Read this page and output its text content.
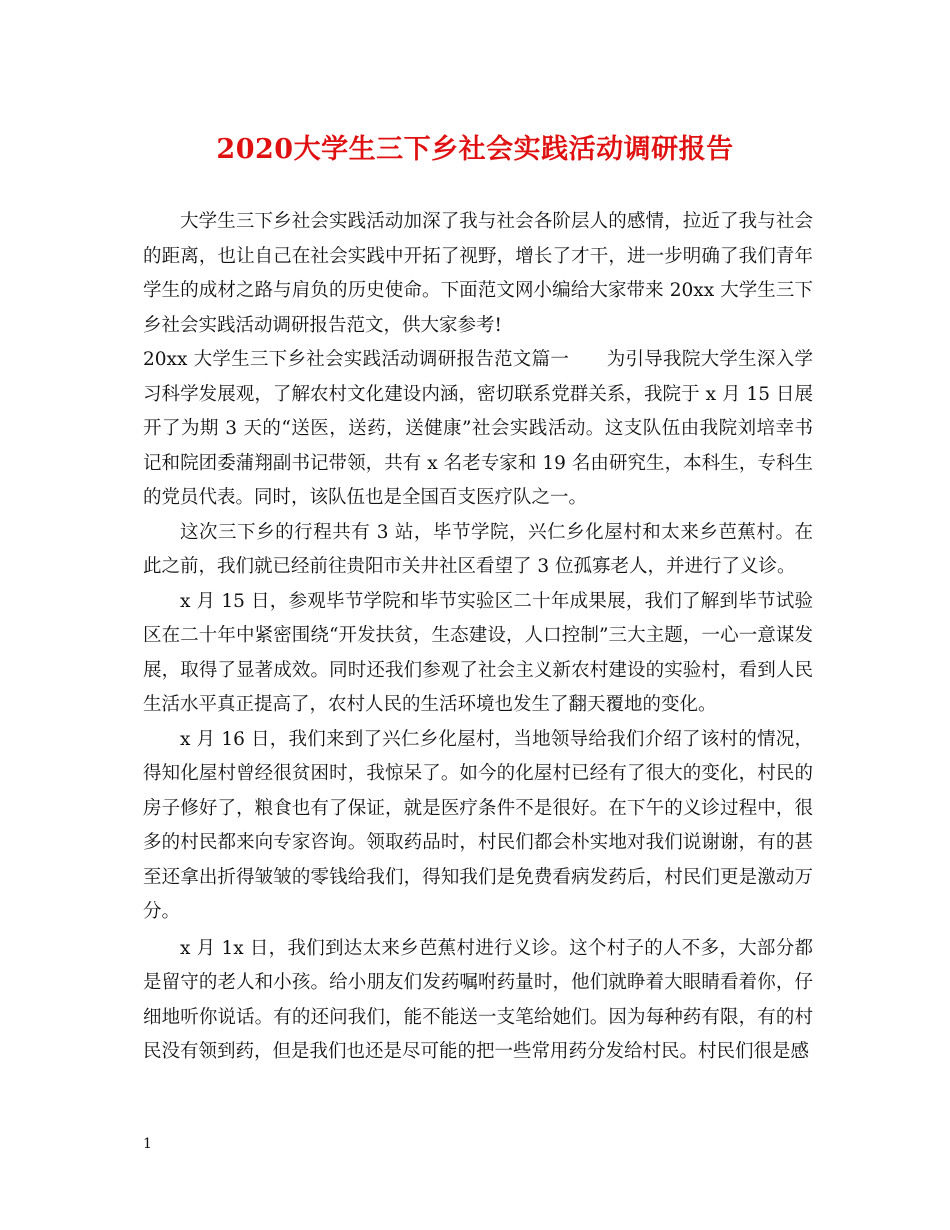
2020大学生三下乡社会实践活动调研报告

大学生三下乡社会实践活动加深了我与社会各阶层人的感情，拉近了我与社会的距离，也让自己在社会实践中开拓了视野，增长了才干，进一步明确了我们青年学生的成材之路与肩负的历史使命。下面范文网小编给大家带来 20xx 大学生三下乡社会实践活动调研报告范文，供大家参考!

20xx 大学生三下乡社会实践活动调研报告范文篇一　　为引导我院大学生深入学习科学发展观，了解农村文化建设内涵，密切联系党群关系，我院于 x 月 15 日展开了为期 3 天的“送医，送药，送健康”社会实践活动。这支队伍由我院刘培幸书记和院团委蒲翔副书记带领，共有 x 名老专家和 19 名由研究生，本科生，专科生的党员代表。同时，该队伍也是全国百支医疗队之一。

这次三下乡的行程共有 3 站，毕节学院，兴仁乡化屋村和太来乡芭蕉村。在此之前，我们就已经前往贵阳市关井社区看望了 3 位孤寡老人，并进行了义诊。

x 月 15 日，参观毕节学院和毕节实验区二十年成果展，我们了解到毕节试验区在二十年中紧密围绕“开发扶贫，生态建设，人口控制”三大主题，一心一意谋发展，取得了显著成效。同时还我们参观了社会主义新农村建设的实验村，看到人民生活水平真正提高了，农村人民的生活环境也发生了翻天覆地的变化。

x 月 16 日，我们来到了兴仁乡化屋村，当地领导给我们介绍了该村的情况，得知化屋村曾经很贫困时，我惊呆了。如今的化屋村已经有了很大的变化，村民的房子修好了，粮食也有了保证，就是医疗条件不是很好。在下午的义诊过程中，很多的村民都来向专家咨询。领取药品时，村民们都会朴实地对我们说谢谢，有的甚至还拿出折得皱皱的零钱给我们，得知我们是免费看病发药后，村民们更是激动万分。

x 月 1x 日，我们到达太来乡芭蕉村进行义诊。这个村子的人不多，大部分都是留守的老人和小孩。给小朋友们发药嘱咐药量时，他们就睁着大眼睛看着你，仔细地听你说话。有的还问我们，能不能送一支笔给她们。因为每种药有限，有的村民没有领到药，但是我们也还是尽可能的把一些常用药分发给村民。村民们很是感

1
